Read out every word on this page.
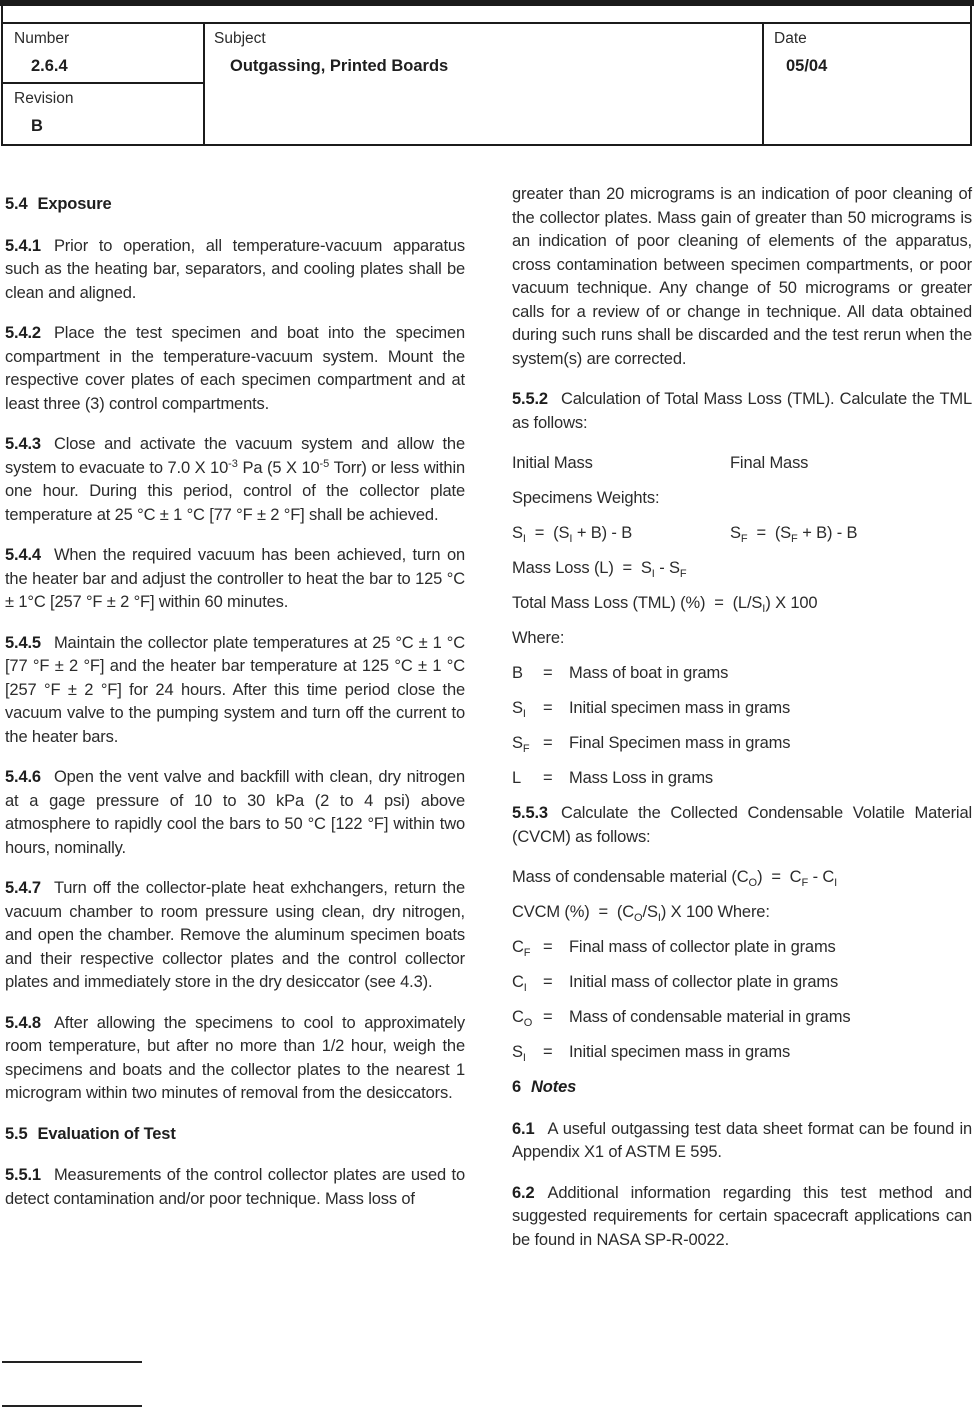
Number
2.6.4
Revision
B
Subject
Outgassing, Printed Boards
Date
05/04

5.4 Exposure

5.4.1 Prior to operation, all temperature-vacuum apparatus such as the heating bar, separators, and cooling plates shall be clean and aligned.

5.4.2 Place the test specimen and boat into the specimen compartment in the temperature-vacuum system. Mount the respective cover plates of each specimen compartment and at least three (3) control compartments.

5.4.3 Close and activate the vacuum system and allow the system to evacuate to 7.0 X $10^{-3}$ Pa (5 X $10^{-5}$ Torr) or less within one hour. During this period, control of the collector plate temperature at 25 °C ± 1 °C [77 °F ± 2 °F] shall be achieved.

5.4.4 When the required vacuum has been achieved, turn on the heater bar and adjust the controller to heat the bar to 125 °C ± 1°C [257 °F ± 2 °F] within 60 minutes.

5.4.5 Maintain the collector plate temperatures at 25 °C ± 1 °C [77 °F ± 2 °F] and the heater bar temperature at 125 °C ± 1 °C [257 °F ± 2 °F] for 24 hours. After this time period close the vacuum valve to the pumping system and turn off the current to the heater bars.

5.4.6 Open the vent valve and backfill with clean, dry nitrogen at a gage pressure of 10 to 30 kPa (2 to 4 psi) above atmosphere to rapidly cool the bars to 50 °C [122 °F] within two hours, nominally.

5.4.7 Turn off the collector-plate heat exhchangers, return the vacuum chamber to room pressure using clean, dry nitrogen, and open the chamber. Remove the aluminum specimen boats and their respective collector plates and the control collector plates and immediately store in the dry desiccator (see 4.3).

5.4.8 After allowing the specimens to cool to approximately room temperature, but after no more than 1/2 hour, weigh the specimens and boats and the collector plates to the nearest 1 microgram within two minutes of removal from the desiccators.

5.5 Evaluation of Test

5.5.1 Measurements of the control collector plates are used to detect contamination and/or poor technique. Mass loss of

greater than 20 micrograms is an indication of poor cleaning of the collector plates. Mass gain of greater than 50 micrograms is an indication of poor cleaning of elements of the apparatus, cross contamination between specimen compartments, or poor vacuum technique. Any change of 50 micrograms or greater calls for a review of or change in technique. All data obtained during such runs shall be discarded and the test rerun when the system(s) are corrected.

5.5.2 Calculation of Total Mass Loss (TML). Calculate the TML as follows:

Initial Mass	Final Mass

Specimens Weights:

$S_I = (S_I + B) - B$	$S_F = (S_F + B) - B$

Mass Loss $(L) = S_I - S_F$

Total Mass Loss (TML) (%)  =  $(L/S_I)$ X 100

Where:

B	=	Mass of boat in grams
$S_I$	=	Initial specimen mass in grams
$S_F$ =	Final Specimen mass in grams
L	=	Mass Loss in grams

5.5.3 Calculate the Collected Condensable Volatile Material (CVCM) as follows:

Mass of condensable material $(C_O) = C_F - C_I$

CVCM (%)  =  $(C_O/S_I)$ X 100 Where:

$C_F$ =	Final mass of collector plate in grams
$C_I$ =	Initial mass of collector plate in grams
$C_O$ =	Mass of condensable material in grams
$S_I$	=	Initial specimen mass in grams

6 Notes

6.1 A useful outgassing test data sheet format can be found in Appendix X1 of ASTM E 595.

6.2 Additional information regarding this test method and suggested requirements for certain spacecraft applications can be found in NASA SP-R-0022.
